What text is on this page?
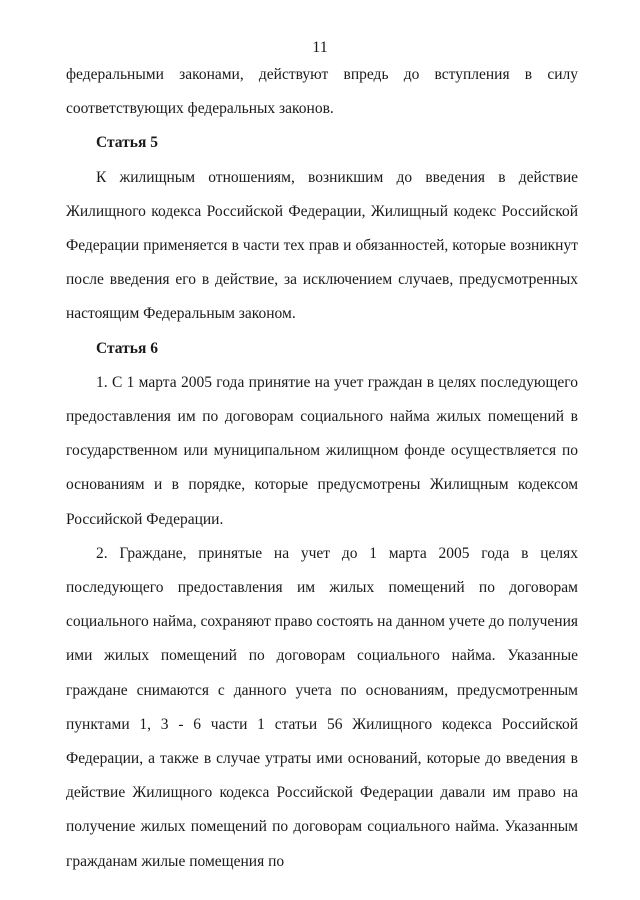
11

федеральными законами, действуют впредь до вступления в силу соответствующих федеральных законов.

Статья 5

К жилищным отношениям, возникшим до введения в действие Жилищного кодекса Российской Федерации, Жилищный кодекс Российской Федерации применяется в части тех прав и обязанностей, которые возникнут после введения его в действие, за исключением случаев, предусмотренных настоящим Федеральным законом.

Статья 6

1. С 1 марта 2005 года принятие на учет граждан в целях последующего предоставления им по договорам социального найма жилых помещений в государственном или муниципальном жилищном фонде осуществляется по основаниям и в порядке, которые предусмотрены Жилищным кодексом Российской Федерации.

2. Граждане, принятые на учет до 1 марта 2005 года в целях последующего предоставления им жилых помещений по договорам социального найма, сохраняют право состоять на данном учете до получения ими жилых помещений по договорам социального найма. Указанные граждане снимаются с данного учета по основаниям, предусмотренным пунктами 1, 3 - 6 части 1 статьи 56 Жилищного кодекса Российской Федерации, а также в случае утраты ими оснований, которые до введения в действие Жилищного кодекса Российской Федерации давали им право на получение жилых помещений по договорам социального найма. Указанным гражданам жилые помещения по
